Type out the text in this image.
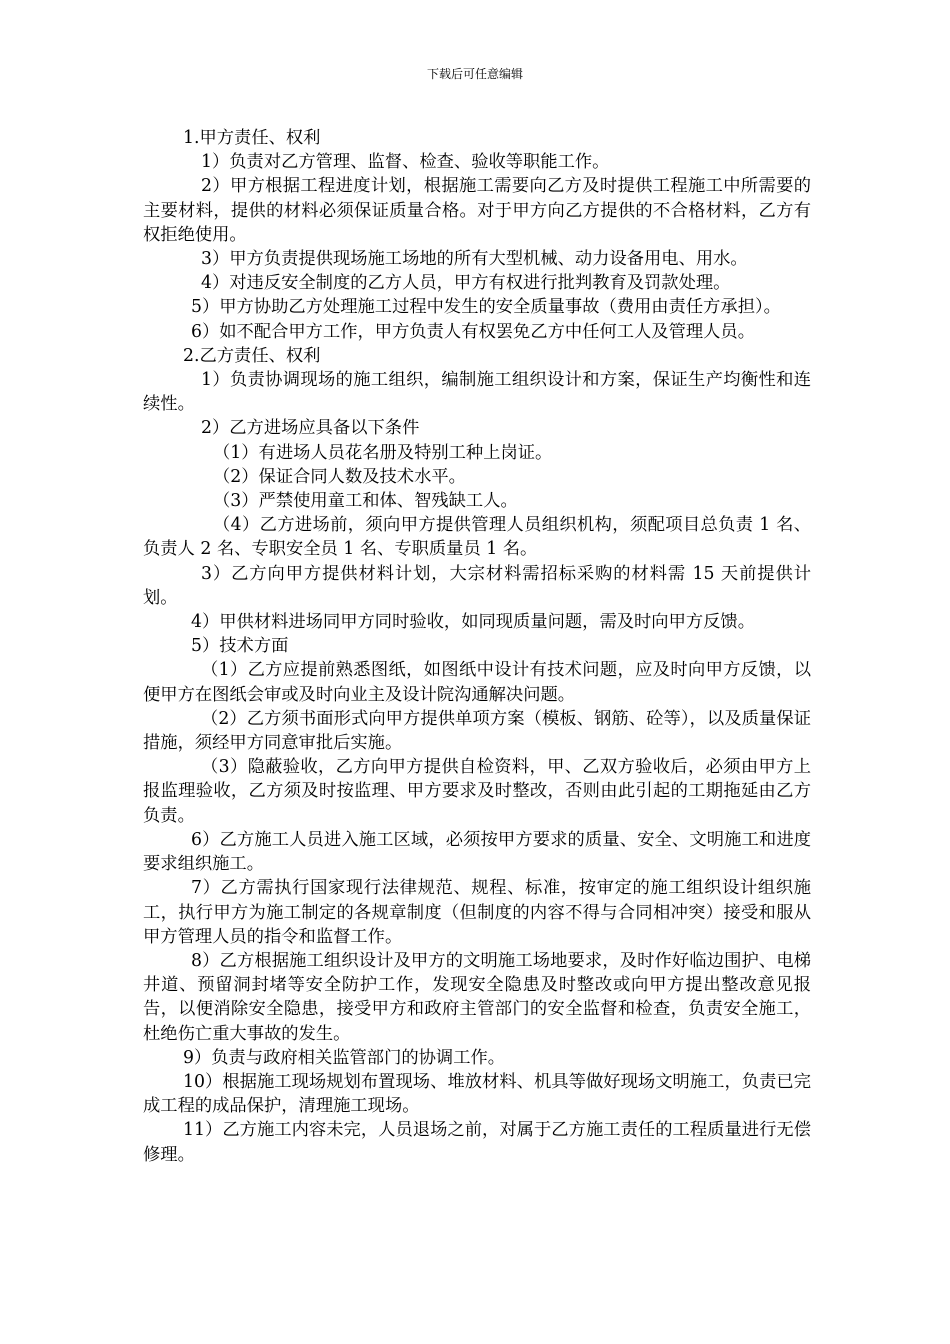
下载后可任意编辑

1.甲方责任、权利

1）负责对乙方管理、监督、检查、验收等职能工作。

2）甲方根据工程进度计划，根据施工需要向乙方及时提供工程施工中所需要的主要材料，提供的材料必须保证质量合格。对于甲方向乙方提供的不合格材料，乙方有权拒绝使用。

3）甲方负责提供现场施工场地的所有大型机械、动力设备用电、用水。

4）对违反安全制度的乙方人员，甲方有权进行批判教育及罚款处理。

5）甲方协助乙方处理施工过程中发生的安全质量事故（费用由责任方承担）。

6）如不配合甲方工作，甲方负责人有权罢免乙方中任何工人及管理人员。

2.乙方责任、权利

1）负责协调现场的施工组织，编制施工组织设计和方案，保证生产均衡性和连续性。

2）乙方进场应具备以下条件

（1）有进场人员花名册及特别工种上岗证。

（2）保证合同人数及技术水平。

（3）严禁使用童工和体、智残缺工人。

（4）乙方进场前，须向甲方提供管理人员组织机构，须配项目总负责 1 名、负责人 2 名、专职安全员 1 名、专职质量员 1 名。

3）乙方向甲方提供材料计划，大宗材料需招标采购的材料需 15 天前提供计划。

4）甲供材料进场同甲方同时验收，如同现质量问题，需及时向甲方反馈。

5）技术方面

（1）乙方应提前熟悉图纸，如图纸中设计有技术问题，应及时向甲方反馈，以便甲方在图纸会审或及时向业主及设计院沟通解决问题。

（2）乙方须书面形式向甲方提供单项方案（模板、钢筋、砼等），以及质量保证措施，须经甲方同意审批后实施。

（3）隐蔽验收，乙方向甲方提供自检资料，甲、乙双方验收后，必须由甲方上报监理验收，乙方须及时按监理、甲方要求及时整改，否则由此引起的工期拖延由乙方负责。

6）乙方施工人员进入施工区域，必须按甲方要求的质量、安全、文明施工和进度要求组织施工。

7）乙方需执行国家现行法律规范、规程、标准，按审定的施工组织设计组织施工，执行甲方为施工制定的各规章制度（但制度的内容不得与合同相冲突）接受和服从甲方管理人员的指令和监督工作。

8）乙方根据施工组织设计及甲方的文明施工场地要求，及时作好临边围护、电梯井道、预留洞封堵等安全防护工作，发现安全隐患及时整改或向甲方提出整改意见报告，以便消除安全隐患，接受甲方和政府主管部门的安全监督和检查，负责安全施工，杜绝伤亡重大事故的发生。

9）负责与政府相关监管部门的协调工作。

10）根据施工现场规划布置现场、堆放材料、机具等做好现场文明施工，负责已完成工程的成品保护，清理施工现场。

11）乙方施工内容未完，人员退场之前，对属于乙方施工责任的工程质量进行无偿修理。
